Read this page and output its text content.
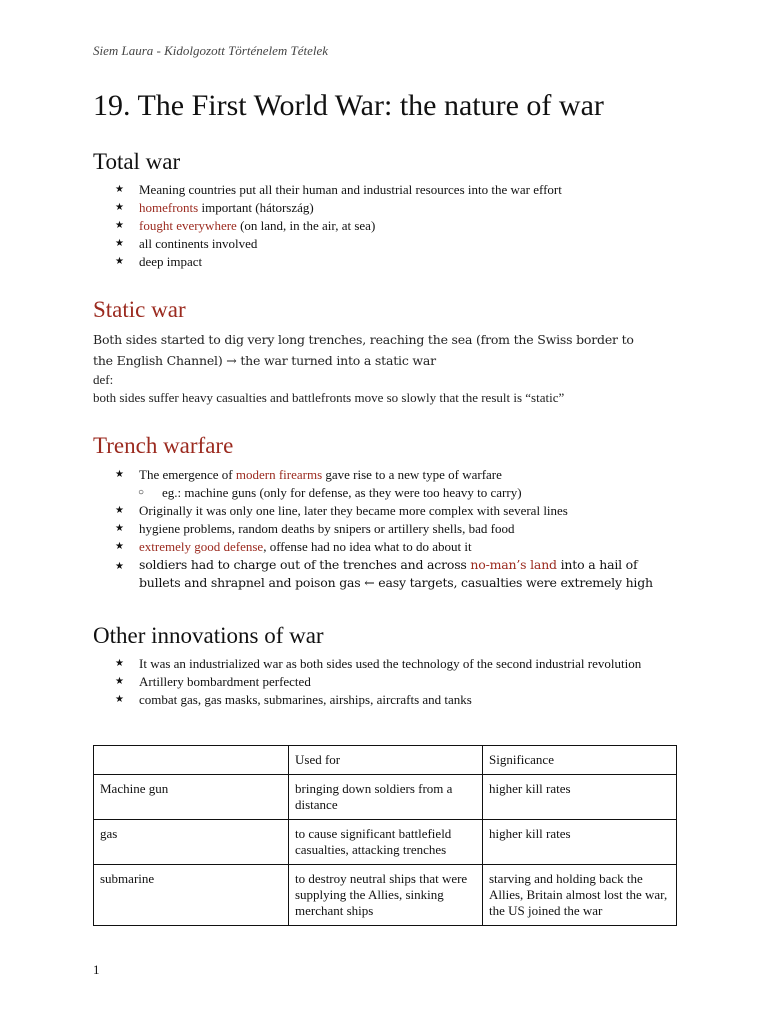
Siem Laura - Kidolgozott Történelem Tételek
19. The First World War: the nature of war
Total war
★ Meaning countries put all their human and industrial resources into the war effort
★ homefronts important (hátország)
★ fought everywhere (on land, in the air, at sea)
★ all continents involved
★ deep impact
Static war
Both sides started to dig very long trenches, reaching the sea (from the Swiss border to the English Channel) → the war turned into a static war
def:
both sides suffer heavy casualties and battlefronts move so slowly that the result is “static”
Trench warfare
★ The emergence of modern firearms gave rise to a new type of warfare
○ eg.: machine guns (only for defense, as they were too heavy to carry)
★ Originally it was only one line, later they became more complex with several lines
★ hygiene problems, random deaths by snipers or artillery shells, bad food
★ extremely good defense, offense had no idea what to do about it
★ soldiers had to charge out of the trenches and across no-man’s land into a hail of bullets and shrapnel and poison gas ← easy targets, casualties were extremely high
Other innovations of war
★ It was an industrialized war as both sides used the technology of the second industrial revolution
★ Artillery bombardment perfected
★ combat gas, gas masks, submarines, airships, aircrafts and tanks
	Used for	Significance
Machine gun	bringing down soldiers from a distance	higher kill rates
gas	to cause significant battlefield casualties, attacking trenches	higher kill rates
submarine	to destroy neutral ships that were supplying the Allies, sinking merchant ships	starving and holding back the Allies, Britain almost lost the war, the US joined the war
1
